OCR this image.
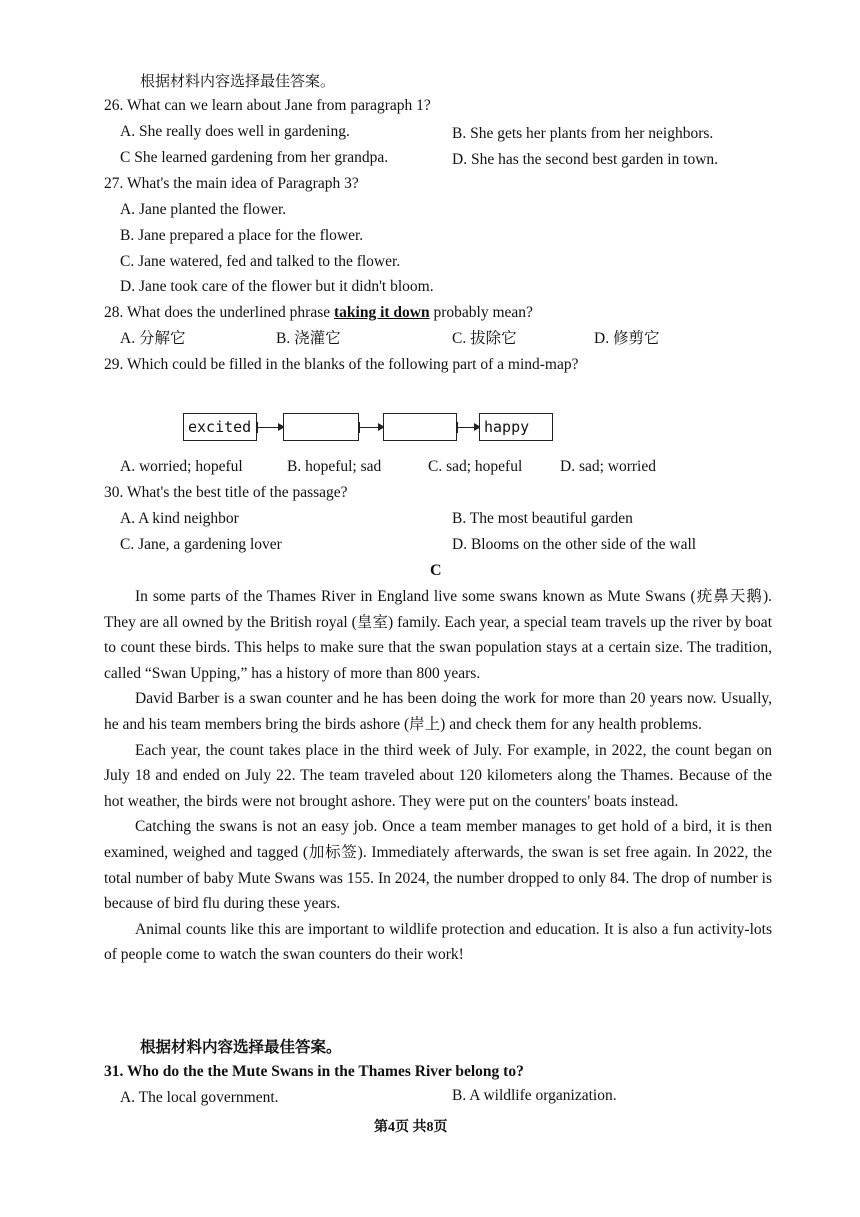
根据材料内容选择最佳答案。
26. What can we learn about Jane from paragraph 1?
A. She really does well in gardening.	B. She gets her plants from her neighbors.
C She learned gardening from her grandpa.	D. She has the second best garden in town.
27. What's the main idea of Paragraph 3?
A. Jane planted the flower.
B. Jane prepared a place for the flower.
C. Jane watered, fed and talked to the flower.
D. Jane took care of the flower but it didn't bloom.
28. What does the underlined phrase taking it down probably mean?
A. 分解它	B. 浇灌它	C. 拔除它	D. 修剪它
29. Which could be filled in the blanks of the following part of a mind-map?
excited	happy
A. worried; hopeful	B. hopeful; sad	C. sad; hopeful D. sad; worried
30. What's the best title of the passage?
A. A kind neighbor	B. The most beautiful garden
C. Jane, a gardening lover	D. Blooms on the other side of the wall
C

In some parts of the Thames River in England live some swans known as Mute Swans (疣鼻天鹅). They are all owned by the British royal (皇室) family. Each year, a special team travels up the river by boat to count these birds. This helps to make sure that the swan population stays at a certain size. The tradition, called “Swan Upping,” has a history of more than 800 years.

David Barber is a swan counter and he has been doing the work for more than 20 years now. Usually, he and his team members bring the birds ashore (岸上) and check them for any health problems.

Each year, the count takes place in the third week of July. For example, in 2022, the count began on July 18 and ended on July 22. The team traveled about 120 kilometers along the Thames. Because of the hot weather, the birds were not brought ashore. They were put on the counters' boats instead.

Catching the swans is not an easy job. Once a team member manages to get hold of a bird, it is then examined, weighed and tagged (加标签). Immediately afterwards, the swan is set free again. In 2022, the total number of baby Mute Swans was 155. In 2024, the number dropped to only 84. The drop of number is because of bird flu during these years.

Animal counts like this are important to wildlife protection and education. It is also a fun activity-lots of people come to watch the swan counters do their work!

根据材料内容选择最佳答案。
31. Who do the the Mute Swans in the Thames River belong to?
A. The local government.	B. A wildlife organization.
第4页 共8页
